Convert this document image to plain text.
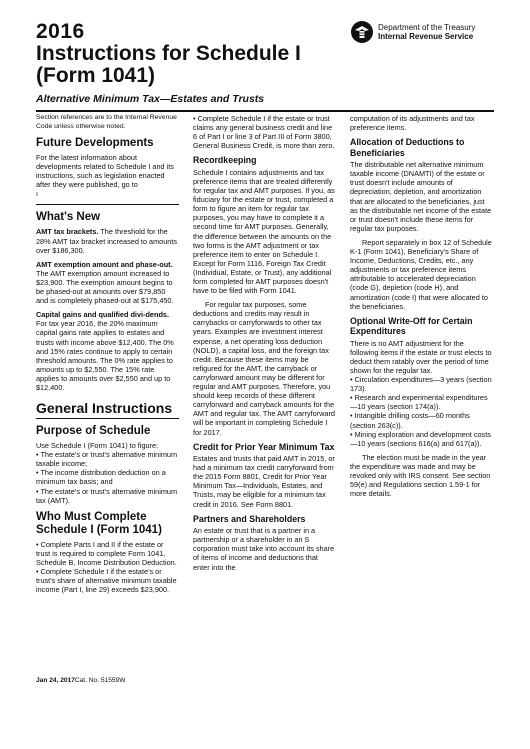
2016
Instructions for Schedule I
(Form 1041)
Alternative Minimum Tax—Estates and Trusts
Department of the Treasury
Internal Revenue Service

Section references are to the Internal Revenue Code unless otherwise noted.

Future Developments

For the latest information about developments related to Schedule I and its instructions, such as legislation enacted after they were published, go to
ı

What's New

AMT tax brackets. The threshold for the 28% AMT tax bracket increased to amounts over $186,300.

AMT exemption amount and phase-out. The AMT exemption amount increased to $23,900. The exemption amount begins to be phased-out at amounts over $79,850 and is completely phased-out at $175,450.

Capital gains and qualified divi-dends. For tax year 2016, the 20% maximum capital gains rate applies to estates and trusts with income above $12,400. The 0% and 15% rates continue to apply to certain threshold amounts. The 0% rate applies to amounts up to $2,550. The 15% rate applies to amounts over $2,550 and up to $12,400.

General Instructions
Purpose of Schedule

Use Schedule I (Form 1041) to figure:

• The estate's or trust's alternative minimum taxable income;

• The income distribution deduction on a minimum tax basis; and

• The estate's or trust's alternative minimum tax (AMT).

Who Must Complete Schedule I (Form 1041)

• Complete Parts I and II if the estate or trust is required to complete Form 1041, Schedule B, Income Distribution Deduction.

• Complete Schedule I if the estate's or trust's share of alternative minimum taxable income (Part I, line 29) exceeds $23,900.

• Complete Schedule I if the estate or trust claims any general business credit and line 6 of Part I or line 3 of Part III of Form 3800, General Business Credit, is more than zero.

Recordkeeping

Schedule I contains adjustments and tax preference items that are treated differently for regular tax and AMT purposes. If you, as fiduciary for the estate or trust, completed a form to figure an item for regular tax purposes, you may have to complete it a second time for AMT purposes. Generally, the difference between the amounts on the two forms is the AMT adjustment or tax preference item to enter on Schedule I. Except for Form 1116, Foreign Tax Credit (Individual, Estate, or Trust), any additional form completed for AMT purposes doesn't have to be filed with Form 1041.

For regular tax purposes, some deductions and credits may result in carrybacks or carryforwards to other tax years. Examples are investment interest expense, a net operating loss deduction (NOLD), a capital loss, and the foreign tax credit. Because these items may be refigured for the AMT, the carryback or carryforward amount may be different for regular and AMT purposes. Therefore, you should keep records of these different carryforward and carryback amounts for the AMT and regular tax. The AMT carryforward will be important in completing Schedule I for 2017.

Credit for Prior Year Minimum Tax

Estates and trusts that paid AMT in 2015, or had a minimum tax credit carryforward from the 2015 Form 8801, Credit for Prior Year Minimum Tax—Individuals, Estates, and Trusts, may be eligible for a minimum tax credit in 2016. See Form 8801.

Partners and Shareholders

An estate or trust that is a partner in a partnership or a shareholder in an S corporation must take into account its share of items of income and deductions that enter into the

computation of its adjustments and tax preference items.

Allocation of Deductions to Beneficiaries

The distributable net alternative minimum taxable income (DNAMTI) of the estate or trust doesn't include amounts of depreciation, depletion, and amortization that are allocated to the beneficiaries, just as the distributable net income of the estate or trust doesn't include these items for regular tax purposes.

Report separately in box 12 of Schedule K-1 (Form 1041), Beneficiary's Share of Income, Deductions, Credits, etc., any adjustments or tax preference items attributable to accelerated depreciation (code G), depletion (code H), and amortization (code I) that were allocated to the beneficiaries.

Optional Write-Off for Certain Expenditures

There is no AMT adjustment for the following items if the estate or trust elects to deduct them ratably over the period of time shown for the regular tax.

• Circulation expenditures—3 years (section 173).

• Research and experimental expenditures—10 years (section 174(a)).

• Intangible drilling costs—60 months (section 263(c)).

• Mining exploration and development costs—10 years (sections 616(a) and 617(a)).

The election must be made in the year the expenditure was made and may be revoked only with IRS consent. See section 59(e) and Regulations section 1.59-1 for more details.

Jan 24, 2017Cat. No. 51559W
